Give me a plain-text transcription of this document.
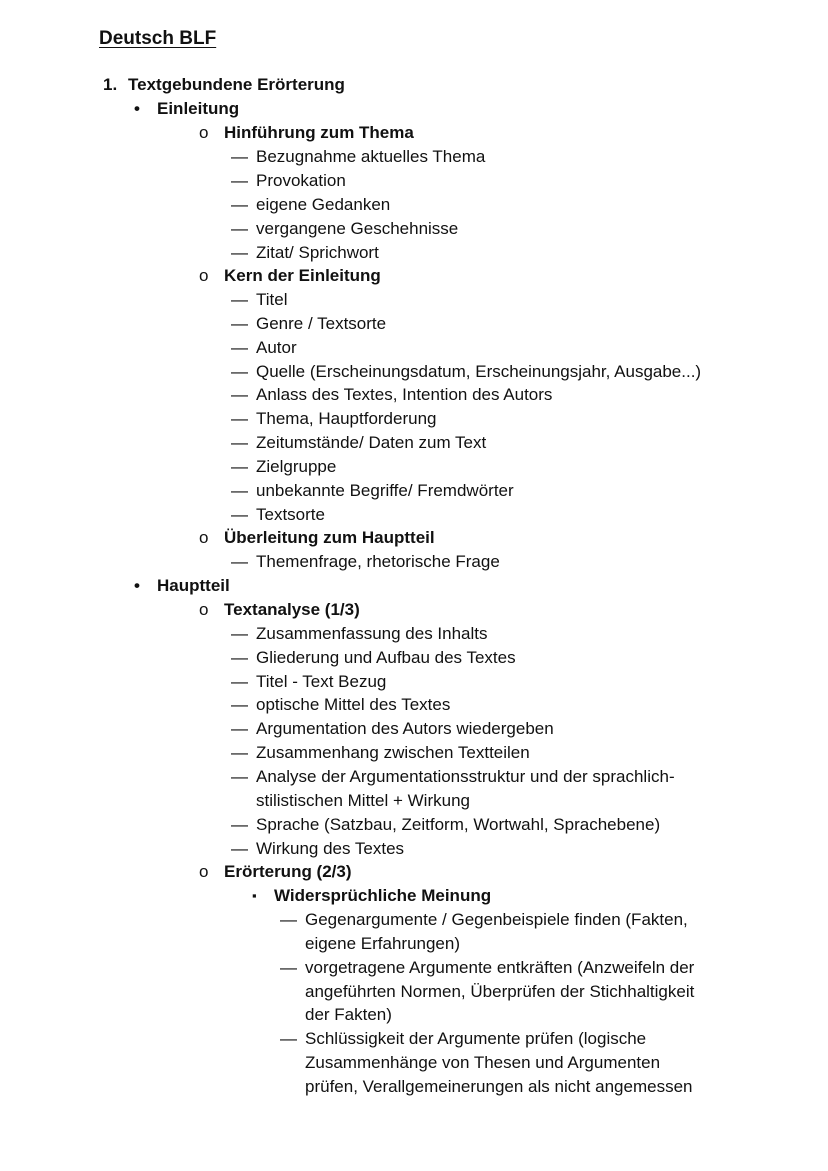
Deutsch BLF
1. Textgebundene Erörterung
• Einleitung
o Hinführung zum Thema
— Bezugnahme aktuelles Thema
— Provokation
— eigene Gedanken
— vergangene Geschehnisse
— Zitat/ Sprichwort
o Kern der Einleitung
— Titel
— Genre / Textsorte
— Autor
— Quelle (Erscheinungsdatum, Erscheinungsjahr, Ausgabe...)
— Anlass des Textes, Intention des Autors
— Thema, Hauptforderung
— Zeitumstände/ Daten zum Text
— Zielgruppe
— unbekannte Begriffe/ Fremdwörter
— Textsorte
o Überleitung zum Hauptteil
— Themenfrage, rhetorische Frage
• Hauptteil
o Textanalyse (1/3)
— Zusammenfassung des Inhalts
— Gliederung und Aufbau des Textes
— Titel - Text Bezug
— optische Mittel des Textes
— Argumentation des Autors wiedergeben
— Zusammenhang zwischen Textteilen
— Analyse der Argumentationsstruktur und der sprachlich-
stilistischen Mittel + Wirkung
— Sprache (Satzbau, Zeitform, Wortwahl, Sprachebene)
— Wirkung des Textes
o Erörterung (2/3)
▪ Widersprüchliche Meinung
— Gegenargumente / Gegenbeispiele finden (Fakten,
eigene Erfahrungen)
— vorgetragene Argumente entkräften (Anzweifeln der
angeführten Normen, Überprüfen der Stichhaltigkeit
der Fakten)
— Schlüssigkeit der Argumente prüfen (logische
Zusammenhänge von Thesen und Argumenten
prüfen, Verallgemeinerungen als nicht angemessen
